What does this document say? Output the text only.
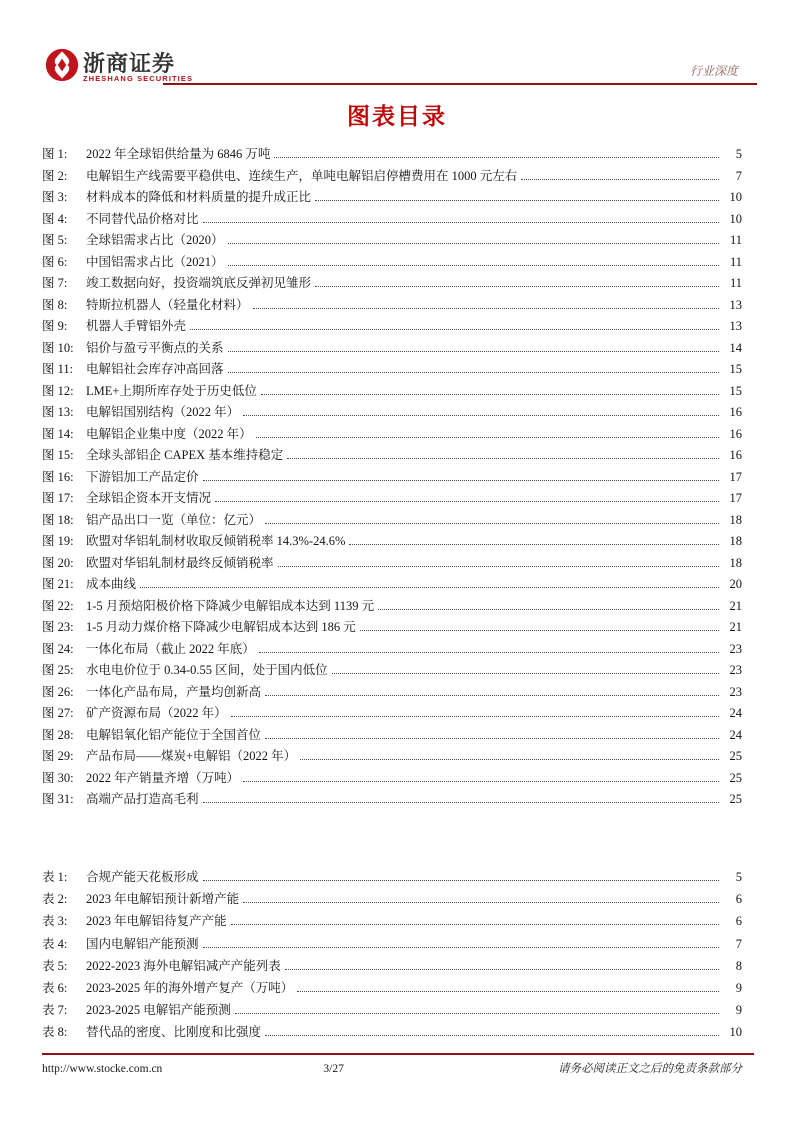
浙商证券
ZHESHANG SECURITIES
行业深度
图表目录
图 1:	2022 年全球铝供给量为 6846 万吨	5
图 2:	电解铝生产线需要平稳供电、连续生产，单吨电解铝启停槽费用在 1000 元左右	7
图 3:	材料成本的降低和材料质量的提升成正比	10
图 4:	不同替代品价格对比	10
图 5:	全球铝需求占比（2020）	11
图 6:	中国铝需求占比（2021）	11
图 7:	竣工数据向好，投资端筑底反弹初见雏形	11
图 8:	特斯拉机器人（轻量化材料）	13
图 9:	机器人手臂铝外壳	13
图 10: 铝价与盈亏平衡点的关系	14
图 11:	电解铝社会库存冲高回落	15
图 12: LME+上期所库存处于历史低位	15
图 13: 电解铝国别结构（2022 年）	16
图 14: 电解铝企业集中度（2022 年）	16
图 15: 全球头部铝企 CAPEX 基本维持稳定	16
图 16: 下游铝加工产品定价	17
图 17: 全球铝企资本开支情况	17
图 18: 铝产品出口一览（单位：亿元）	18
图 19: 欧盟对华铝轧制材收取反倾销税率 14.3%-24.6%	18
图 20: 欧盟对华铝轧制材最终反倾销税率	18
图 21: 成本曲线	20
图 22: 1-5 月预焙阳极价格下降减少电解铝成本达到 1139 元	21
图 23: 1-5 月动力煤价格下降减少电解铝成本达到 186 元	21
图 24: 一体化布局（截止 2022 年底）	23
图 25: 水电电价位于 0.34-0.55 区间，处于国内低位	23
图 26: 一体化产品布局，产量均创新高	23
图 27: 矿产资源布局（2022 年）	24
图 28: 电解铝氧化铝产能位于全国首位	24
图 29: 产品布局——煤炭+电解铝（2022 年）	25
图 30: 2022 年产销量齐增（万吨）	25
图 31: 高端产品打造高毛利	25
表 1:	合规产能天花板形成	5
表 2:	2023 年电解铝预计新增产能	6
表 3:	2023 年电解铝待复产产能	6
表 4:	国内电解铝产能预测	7
表 5:	2022-2023 海外电解铝减产产能列表	8
表 6:	2023-2025 年的海外增产复产（万吨）	9
表 7:	2023-2025 电解铝产能预测	9
表 8:	替代品的密度、比刚度和比强度	10
http://www.stocke.com.cn	3/27	请务必阅读正文之后的免责条款部分
